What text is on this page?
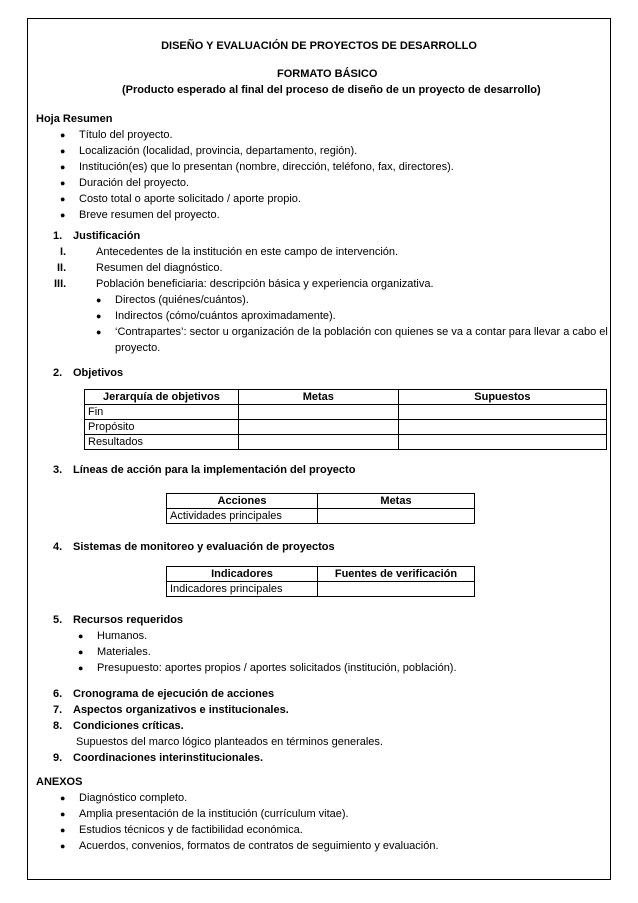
DISEÑO Y EVALUACIÓN DE PROYECTOS DE DESARROLLO
FORMATO BÁSICO
(Producto esperado al final del proceso de diseño de un proyecto de desarrollo)
Hoja Resumen
● Título del proyecto.
● Localización (localidad, provincia, departamento, región).
● Institución(es) que lo presentan (nombre, dirección, teléfono, fax, directores).
● Duración del proyecto.
● Costo total o aporte solicitado / aporte propio.
● Breve resumen del proyecto.
1. Justificación
I.	Antecedentes de la institución en este campo de intervención.
II.	Resumen del diagnóstico.
III.	Población beneficiaria: descripción básica y experiencia organizativa.
● Directos (quiénes/cuántos).
● Indirectos (cómo/cuántos aproximadamente).
● ‘Contrapartes’: sector u organización de la población con quienes se va a contar para llevar a cabo el
proyecto.
2. Objetivos
Jerarquía de objetivos	Metas	Supuestos
Fin		
Propósito		
Resultados		
3. Líneas de acción para la implementación del proyecto
Acciones	Metas
Actividades principales	
4. Sistemas de monitoreo y evaluación de proyectos
Indicadores	Fuentes de verificación
Indicadores principales	
5. Recursos requeridos
● Humanos.
● Materiales.
● Presupuesto: aportes propios / aportes solicitados (institución, población).
6. Cronograma de ejecución de acciones
7. Aspectos organizativos e institucionales.
8. Condiciones críticas.
Supuestos del marco lógico planteados en términos generales.
9. Coordinaciones interinstitucionales.
ANEXOS
● Diagnóstico completo.
● Amplia presentación de la institución (currículum vitae).
● Estudios técnicos y de factibilidad económica.
● Acuerdos, convenios, formatos de contratos de seguimiento y evaluación.
